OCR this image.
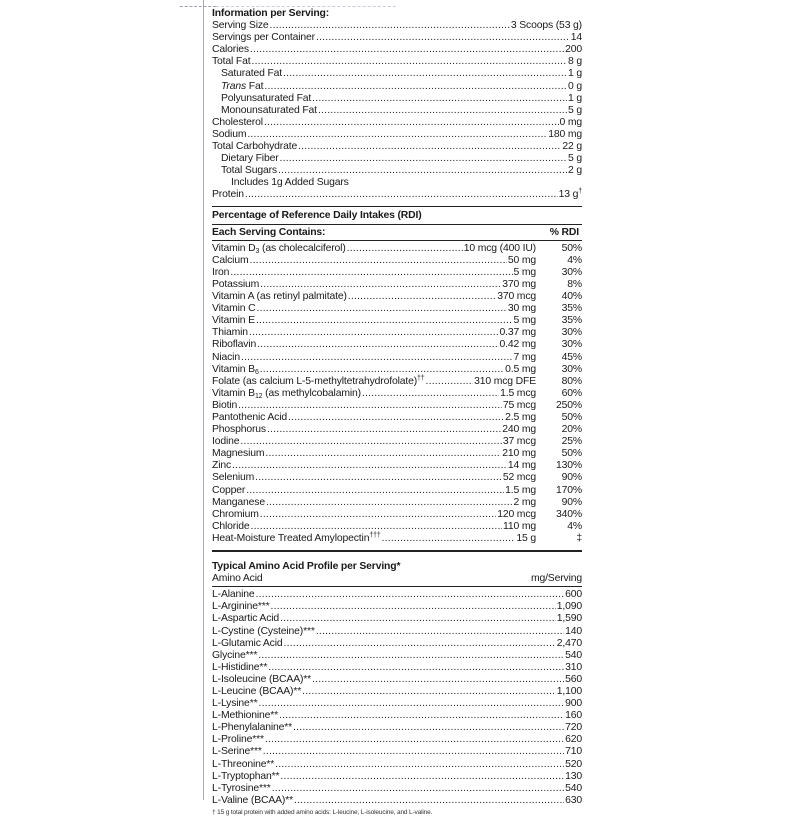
Information per Serving:
Serving Size .....	3 Scoops (53 g)
Servings per Container .....	14
Calories .....	200
Total Fat .....	8 g
Saturated Fat .....	1 g
Trans Fat .....	0 g
Polyunsaturated Fat .....	1 g
Monounsaturated Fat .....	5 g
Cholesterol .....	0 mg
Sodium .....	180 mg
Total Carbohydrate .....	22 g
Dietary Fiber .....	5 g
Total Sugars .....	2 g
Includes 1g Added Sugars
Protein .....	13 g†
Percentage of Reference Daily Intakes (RDI)
Each Serving Contains:	% RDI
Vitamin $D_3$ (as cholecalciferol) .....	10 mcg (400 IU)	50%
Calcium .....	50 mg	4%
Iron .....	5 mg	30%
Potassium .....	370 mg	8%
Vitamin A (as retinyl palmitate) .....	370 mcg	40%
Vitamin C .....	30 mg	35%
Vitamin E .....	5 mg	35%
Thiamin .....	0.37 mg	30%
Riboflavin .....	0.42 mg	30%
Niacin .....	7 mg	45%
Vitamin $B_6$ .....	0.5 mg	30%
Folate (as calcium L-5-methyltetrahydrofolate)†† .....	310 mcg DFE	80%
Vitamin $B_{12}$ (as methylcobalamin) .....	1.5 mcg	60%
Biotin .....	75 mcg	250%
Pantothenic Acid .....	2.5 mg	50%
Phosphorus .....	240 mg	20%
Iodine .....	37 mcg	25%
Magnesium .....	210 mg	50%
Zinc .....	14 mg	130%
Selenium .....	52 mcg	90%
Copper .....	1.5 mg	170%
Manganese .....	2 mg	90%
Chromium .....	120 mcg	340%
Chloride .....	110 mg	4%
Heat-Moisture Treated Amylopectin††† .....	15 g	‡
Typical Amino Acid Profile per Serving*
Amino Acid	mg/Serving
L-Alanine .....	600
L-Arginine*** .....	1,090
L-Aspartic Acid .....	1,590
L-Cystine (Cysteine)*** .....	140
L-Glutamic Acid .....	2,470
Glycine*** .....	540
L-Histidine** .....	310
L-Isoleucine (BCAA)** .....	560
L-Leucine (BCAA)** .....	1,100
L-Lysine** .....	900
L-Methionine** .....	160
L-Phenylalanine** .....	720
L-Proline*** .....	620
L-Serine*** .....	710
L-Threonine** .....	520
L-Tryptophan** .....	130
L-Tyrosine*** .....	540
L-Valine (BCAA)** .....	630
† 15 g total protein with added amino acids: L-leucine, L-isoleucine, and L-valine.
